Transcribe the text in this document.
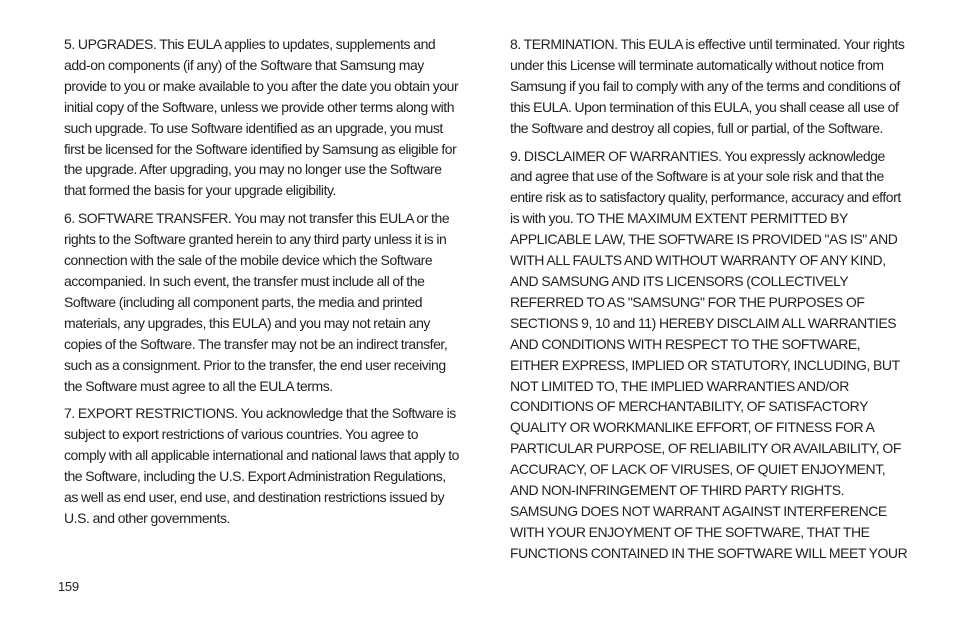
5. UPGRADES. This EULA applies to updates, supplements and add-on components (if any) of the Software that Samsung may provide to you or make available to you after the date you obtain your initial copy of the Software, unless we provide other terms along with such upgrade. To use Software identified as an upgrade, you must first be licensed for the Software identified by Samsung as eligible for the upgrade. After upgrading, you may no longer use the Software that formed the basis for your upgrade eligibility.

6. SOFTWARE TRANSFER. You may not transfer this EULA or the rights to the Software granted herein to any third party unless it is in connection with the sale of the mobile device which the Software accompanied. In such event, the transfer must include all of the Software (including all component parts, the media and printed materials, any upgrades, this EULA) and you may not retain any copies of the Software. The transfer may not be an indirect transfer, such as a consignment. Prior to the transfer, the end user receiving the Software must agree to all the EULA terms.

7. EXPORT RESTRICTIONS. You acknowledge that the Software is subject to export restrictions of various countries. You agree to comply with all applicable international and national laws that apply to the Software, including the U.S. Export Administration Regulations, as well as end user, end use, and destination restrictions issued by U.S. and other governments.

8. TERMINATION. This EULA is effective until terminated. Your rights under this License will terminate automatically without notice from Samsung if you fail to comply with any of the terms and conditions of this EULA. Upon termination of this EULA, you shall cease all use of the Software and destroy all copies, full or partial, of the Software.

9. DISCLAIMER OF WARRANTIES. You expressly acknowledge and agree that use of the Software is at your sole risk and that the entire risk as to satisfactory quality, performance, accuracy and effort is with you. TO THE MAXIMUM EXTENT PERMITTED BY APPLICABLE LAW, THE SOFTWARE IS PROVIDED "AS IS" AND WITH ALL FAULTS AND WITHOUT WARRANTY OF ANY KIND, AND SAMSUNG AND ITS LICENSORS (COLLECTIVELY REFERRED TO AS "SAMSUNG" FOR THE PURPOSES OF SECTIONS 9, 10 and 11) HEREBY DISCLAIM ALL WARRANTIES AND CONDITIONS WITH RESPECT TO THE SOFTWARE, EITHER EXPRESS, IMPLIED OR STATUTORY, INCLUDING, BUT NOT LIMITED TO, THE IMPLIED WARRANTIES AND/OR CONDITIONS OF MERCHANTABILITY, OF SATISFACTORY QUALITY OR WORKMANLIKE EFFORT, OF FITNESS FOR A PARTICULAR PURPOSE, OF RELIABILITY OR AVAILABILITY, OF ACCURACY, OF LACK OF VIRUSES, OF QUIET ENJOYMENT, AND NON-INFRINGEMENT OF THIRD PARTY RIGHTS. SAMSUNG DOES NOT WARRANT AGAINST INTERFERENCE WITH YOUR ENJOYMENT OF THE SOFTWARE, THAT THE FUNCTIONS CONTAINED IN THE SOFTWARE WILL MEET YOUR

159
